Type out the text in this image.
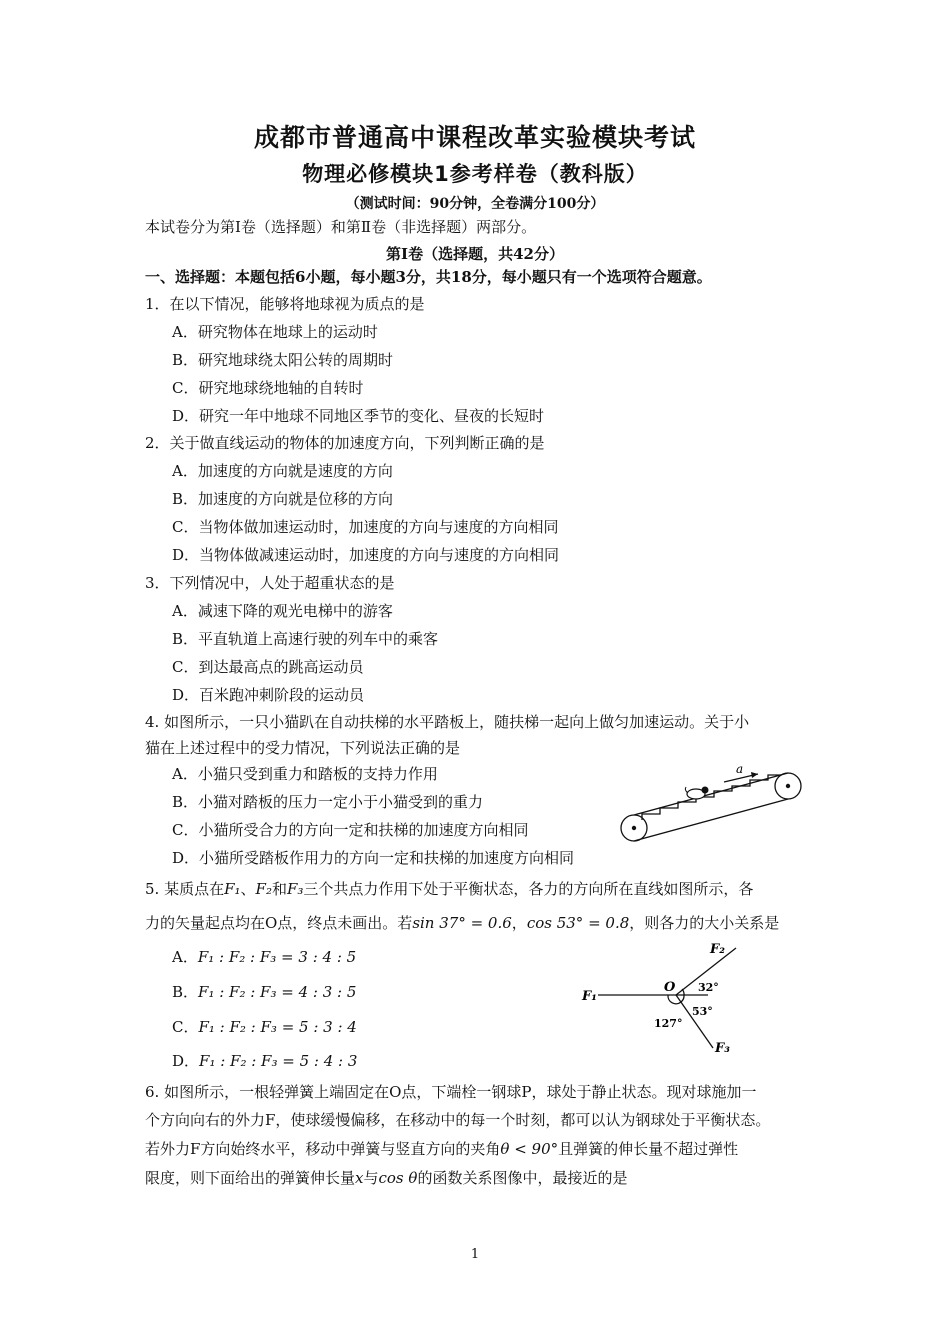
成都市普通高中课程改革实验模块考试
物理必修模块1参考样卷（教科版）
（测试时间：90分钟，全卷满分100分）
本试卷分为第Ⅰ卷（选择题）和第Ⅱ卷（非选择题）两部分。
第Ⅰ卷（选择题，共42分）
一、选择题：本题包括6小题，每小题3分，共18分，每小题只有一个选项符合题意。
1．在以下情况，能够将地球视为质点的是
A．研究物体在地球上的运动时
B．研究地球绕太阳公转的周期时
C．研究地球绕地轴的自转时
D．研究一年中地球不同地区季节的变化、昼夜的长短时
2．关于做直线运动的物体的加速度方向，下列判断正确的是
A．加速度的方向就是速度的方向
B．加速度的方向就是位移的方向
C．当物体做加速运动时，加速度的方向与速度的方向相同
D．当物体做减速运动时，加速度的方向与速度的方向相同
3．下列情况中，人处于超重状态的是
A．减速下降的观光电梯中的游客
B．平直轨道上高速行驶的列车中的乘客
C．到达最高点的跳高运动员
D．百米跑冲刺阶段的运动员
4. 如图所示，一只小猫趴在自动扶梯的水平踏板上，随扶梯一起向上做匀加速运动。关于小
猫在上述过程中的受力情况，下列说法正确的是
A．小猫只受到重力和踏板的支持力作用
B．小猫对踏板的压力一定小于小猫受到的重力
C．小猫所受合力的方向一定和扶梯的加速度方向相同
D．小猫所受踏板作用力的方向一定和扶梯的加速度方向相同
a
5. 某质点在F₁、F₂和F₃三个共点力作用下处于平衡状态，各力的方向所在直线如图所示，各
力的矢量起点均在O点，终点未画出。若sin 37° = 0.6，cos 53° = 0.8，则各力的大小关系是
A．F₁ : F₂ : F₃ = 3 : 4 : 5
B．F₁ : F₂ : F₃ = 4 : 3 : 5
C．F₁ : F₂ : F₃ = 5 : 3 : 4
D．F₁ : F₂ : F₃ = 5 : 4 : 3
F₁
F₂
F₃
O 32°
53°
127°
6. 如图所示，一根轻弹簧上端固定在O点，下端栓一钢球P，球处于静止状态。现对球施加一
个方向向右的外力F，使球缓慢偏移，在移动中的每一个时刻，都可以认为钢球处于平衡状态。
若外力F方向始终水平，移动中弹簧与竖直方向的夹角θ < 90°且弹簧的伸长量不超过弹性
限度，则下面给出的弹簧伸长量x与cos θ的函数关系图像中，最接近的是
1
